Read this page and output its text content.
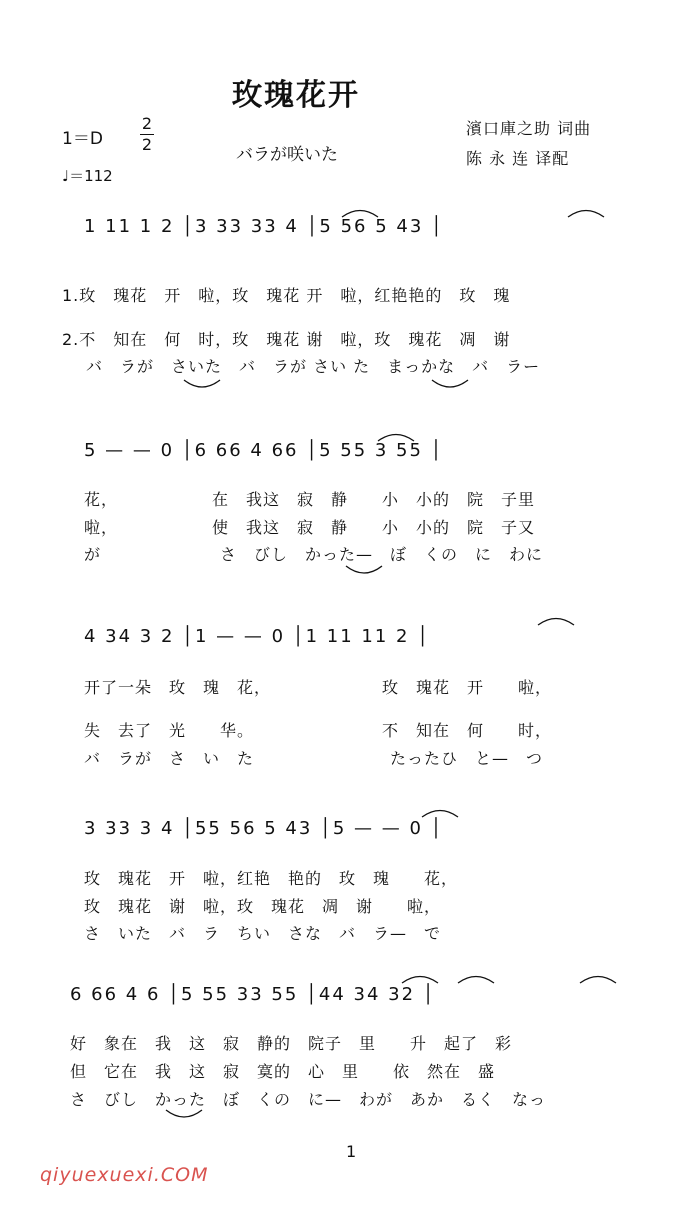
玫瑰花开
1＝D
2
2
♩＝112
バラが咲いた
濱口庫之助 词曲
陈 永 连 译配
1 11 1 2 │3 33 33 4 │5 56 5 43 │
1.玫　瑰花　开　啦，玫　瑰花 开　啦，红艳艳的　玫　瑰
2.不　知在　何　时，玫　瑰花 谢　啦，玫　瑰花　凋　谢
バ　ラが　さいた　バ　ラが さい た　まっかな　バ　ラー
5 — — 0 │6 66 4 66 │5 55 3 55 │
花，　　　　　　在　我这　寂　静　　小　小的　院　子里
啦，　　　　　　使　我这　寂　静　　小　小的　院　子又
が　　　　　　　さ　びし　かった—　ぼ　くの　に　わに
4 34 3 2 │1 — — 0 │1 11 11 2 │
开了一朵　玫　瑰　花，　　　　　　　玫　瑰花　开　　啦，
失　去了　光　　华。　　　　　　　　不　知在　何　　时，
バ　ラが　さ　い　た　　　　　　　　たったひ　と—　つ
3 33 3 4 │55 56 5 43 │5 — — 0 │
玫　瑰花　开　啦，红艳　艳的　玫　瑰　　花，
玫　瑰花　谢　啦，玫　瑰花　凋　谢　　啦，
さ　いた　バ　ラ　ちい　さな　バ　ラ—　で
6 66 4 6 │5 55 33 55 │44 34 32 │
好　象在　我　这　寂　静的　院子　里　　升　起了　彩
但　它在　我　这　寂　寞的　心　里　　依　然在　盛
さ　びし　かった　ぼ　くの　に—　わが　あか　るく　なっ
1
qiyuexuexi.COM
